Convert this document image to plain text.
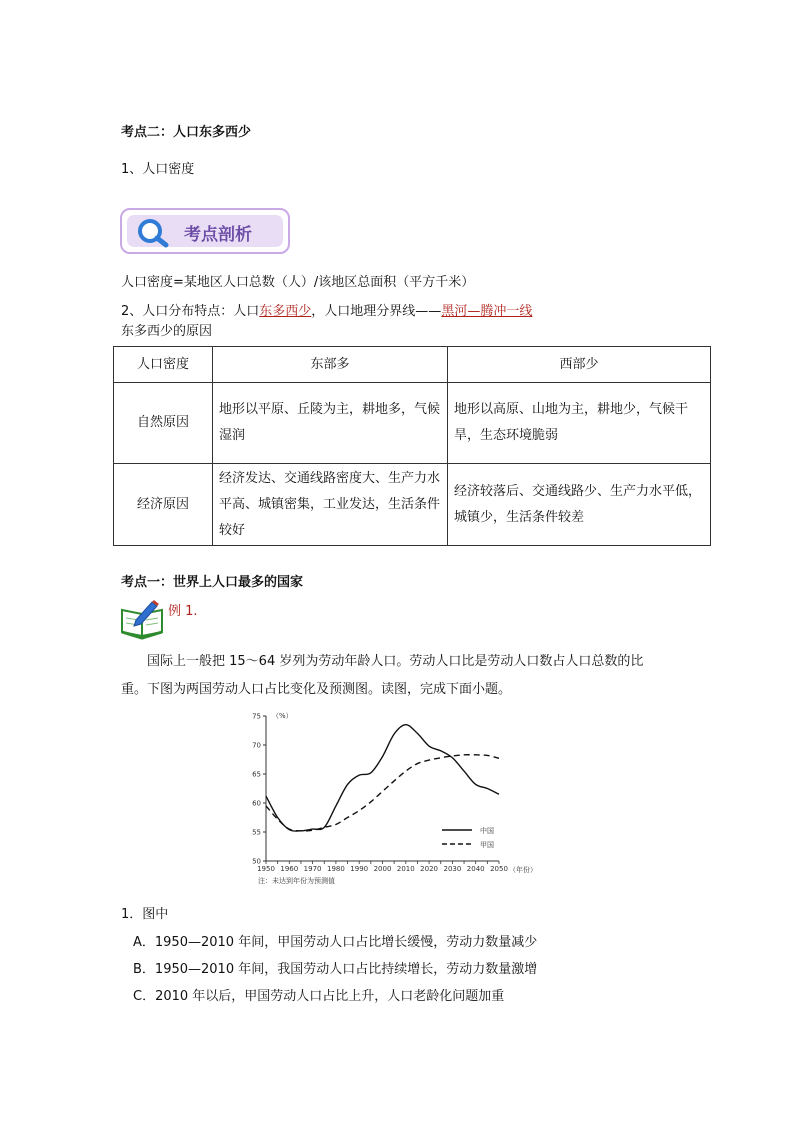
考点二：人口东多西少
1、人口密度
考点剖析
人口密度=某地区人口总数（人）/该地区总面积（平方千米）
2、人口分布特点：人口东多西少，人口地理分界线——黑河—腾冲一线
东多西少的原因
人口密度	东部多	西部少
自然原因	地形以平原、丘陵为主，耕地多，气候湿润	地形以高原、山地为主，耕地少，气候干旱，生态环境脆弱
经济原因	经济发达、交通线路密度大、生产力水平高、城镇密集，工业发达，生活条件较好	经济较落后、交通线路少、生产力水平低，城镇少，生活条件较差
考点一：世界上人口最多的国家
例 1.
国际上一般把 15～64 岁列为劳动年龄人口。劳动人口比是劳动人口数占人口总数的比
重。下图为两国劳动人口占比变化及预测图。读图，完成下面小题。
50
55
60
65
70
75
1950 1960 1970 1980 1990 2000 2010 2020 2030 2040 2050
（%）
（年份）
中国
甲国
注：未达到年份为预测值
1．图中
A．1950—2010 年间，甲国劳动人口占比增长缓慢，劳动力数量减少
B．1950—2010 年间，我国劳动人口占比持续增长，劳动力数量激增
C．2010 年以后，甲国劳动人口占比上升，人口老龄化问题加重
